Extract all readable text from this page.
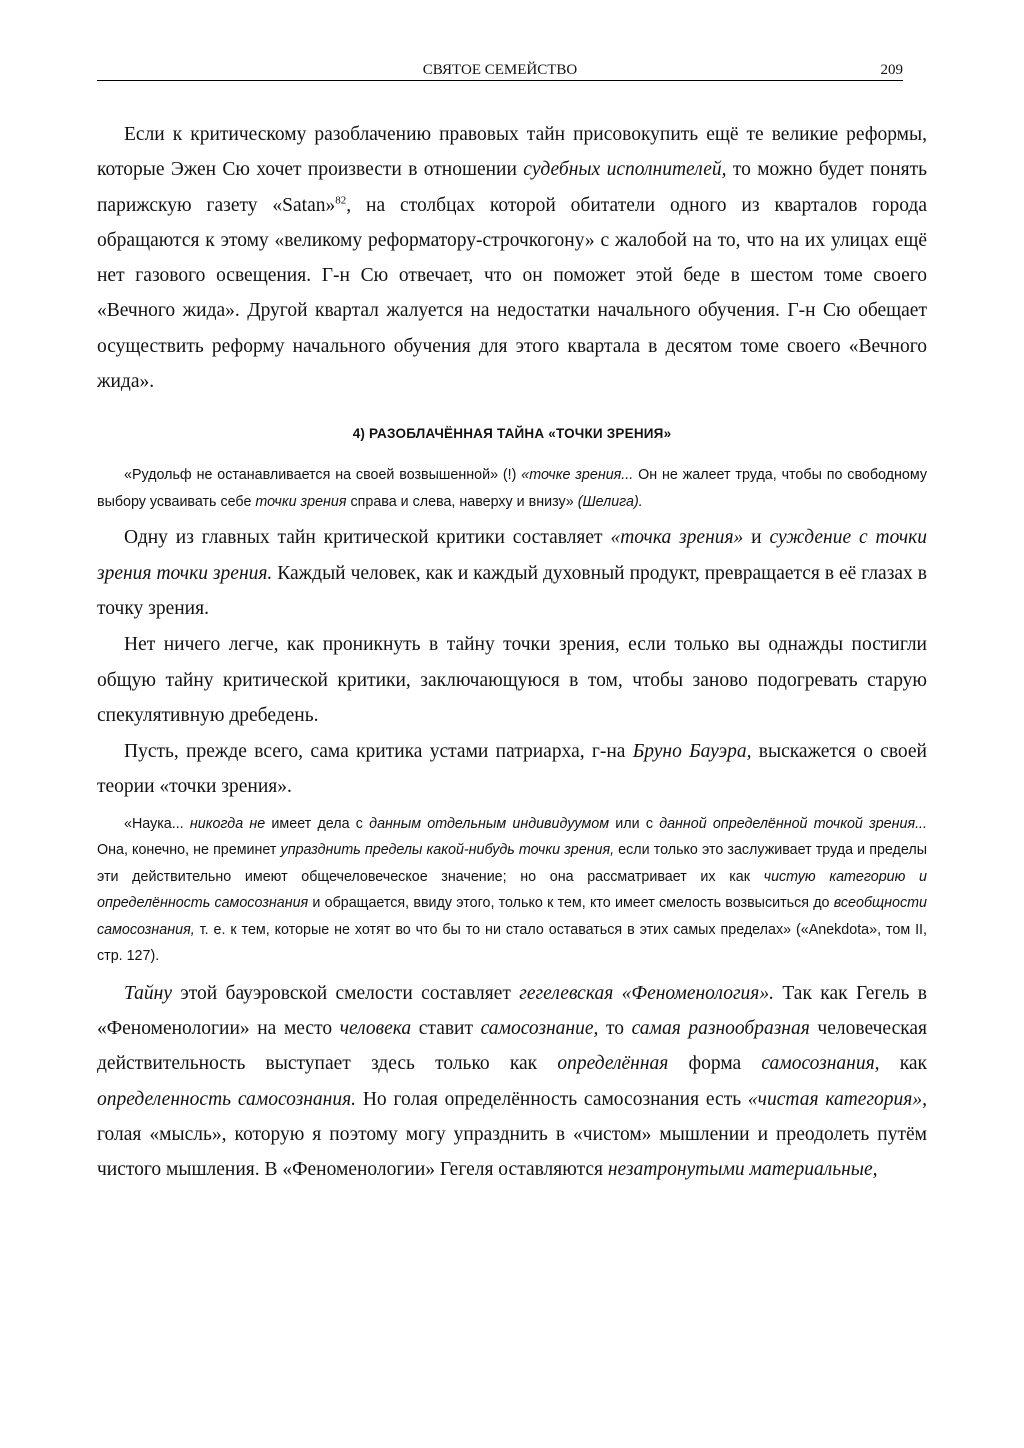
СВЯТОЕ СЕМЕЙСТВО	209

Если к критическому разоблачению правовых тайн присовокупить ещё те великие реформы, которые Эжен Сю хочет произвести в отношении судебных исполнителей, то можно будет понять парижскую газету «Satan»$^{82}$, на столбцах которой обитатели одного из кварталов города обращаются к этому «великому реформатору-строчкогону» с жалобой на то, что на их улицах ещё нет газового освещения. Г-н Сю отвечает, что он поможет этой беде в шестом томе своего «Вечного жида». Другой квартал жалуется на недостатки начального обучения. Г-н Сю обещает осуществить реформу начального обучения для этого квартала в десятом томе своего «Вечного жида».

4) РАЗОБЛАЧЁННАЯ ТАЙНА «ТОЧКИ ЗРЕНИЯ»

«Рудольф не останавливается на своей возвышенной» (!) «точке зрения... Он не жалеет труда, чтобы по свободному выбору усваивать себе точки зрения справа и слева, наверху и внизу» (Шелига).

Одну из главных тайн критической критики составляет «точка зрения» и суждение с точки зрения точки зрения. Каждый человек, как и каждый духовный продукт, превращается в её глазах в точку зрения.

Нет ничего легче, как проникнуть в тайну точки зрения, если только вы однажды постигли общую тайну критической критики, заключающуюся в том, чтобы заново подогревать старую спекулятивную дребедень.

Пусть, прежде всего, сама критика устами патриарха, г-на Бруно Бауэра, выскажется о своей теории «точки зрения».

«Наука... никогда не имеет дела с данным отдельным индивидуумом или с данной определённой точкой зрения... Она, конечно, не преминет упразднить пределы какой-нибудь точки зрения, если только это заслуживает труда и пределы эти действительно имеют общечеловеческое значение; но она рассматривает их как чистую категорию и определённость самосознания и обращается, ввиду этого, только к тем, кто имеет смелость возвыситься до всеобщности самосознания, т. е. к тем, которые не хотят во что бы то ни стало оставаться в этих самых пределах» («Anekdota», том II, стр. 127).

Тайну этой бауэровской смелости составляет гегелевская «Феноменология». Так как Гегель в «Феноменологии» на место человека ставит самосознание, то самая разнообразная человеческая действительность выступает здесь только как определённая форма самосознания, как определенность самосознания. Но голая определённость самосознания есть «чистая категория», голая «мысль», которую я поэтому могу упразднить в «чистом» мышлении и преодолеть путём чистого мышления. В «Феноменологии» Гегеля оставляются незатронутыми материальные,
